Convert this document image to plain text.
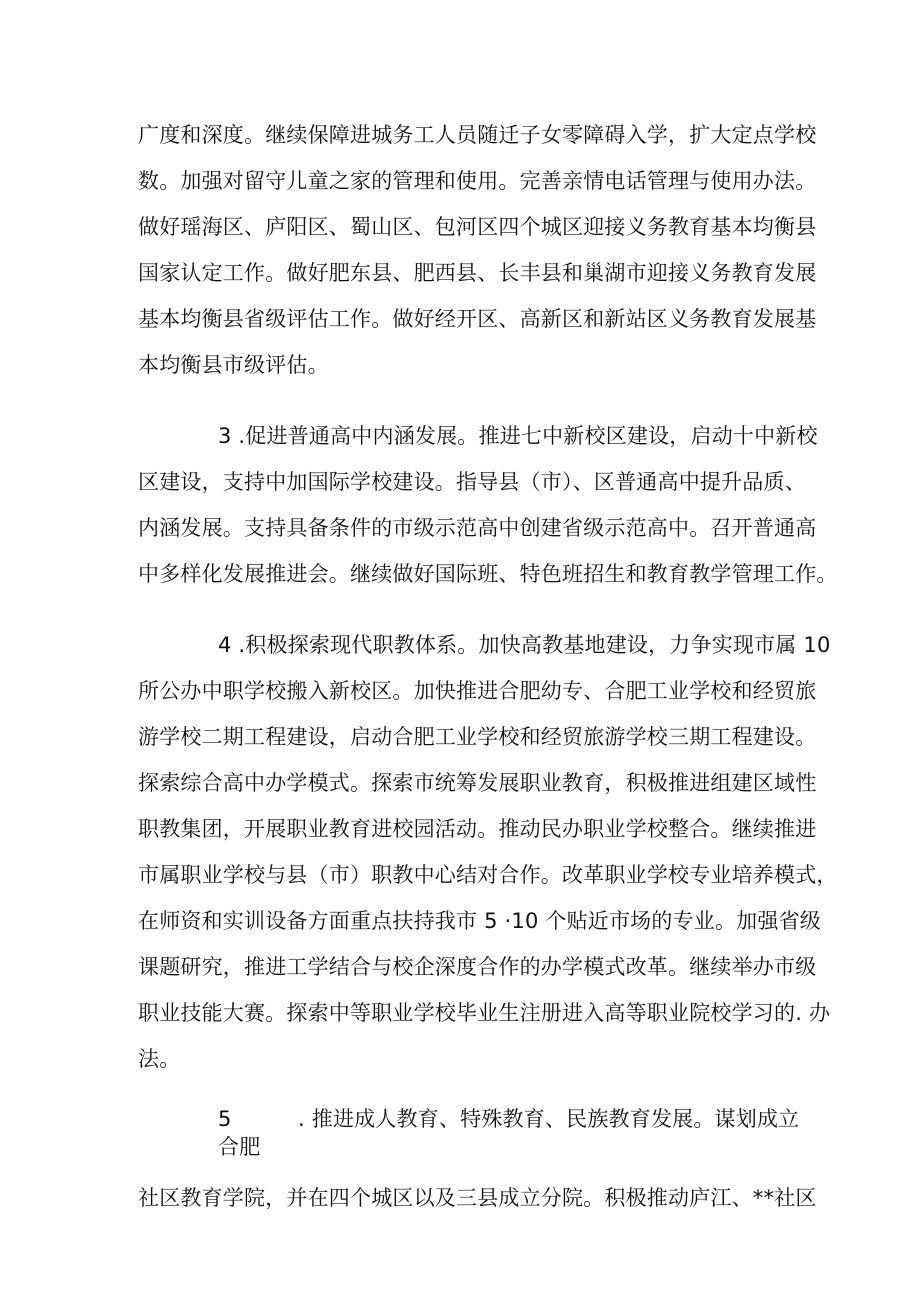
广度和深度。继续保障进城务工人员随迁子女零障碍入学，扩大定点学校
数。加强对留守儿童之家的管理和使用。完善亲情电话管理与使用办法。
做好瑶海区、庐阳区、蜀山区、包河区四个城区迎接义务教育基本均衡县
国家认定工作。做好肥东县、肥西县、长丰县和巢湖市迎接义务教育发展
基本均衡县省级评估工作。做好经开区、高新区和新站区义务教育发展基
本均衡县市级评估。
3 .促进普通高中内涵发展。推进七中新校区建设，启动十中新校
区建设，支持中加国际学校建设。指导县（市）、区普通高中提升品质、
内涵发展。支持具备条件的市级示范高中创建省级示范高中。召开普通高
中多样化发展推进会。继续做好国际班、特色班招生和教育教学管理工作。
4 .积极探索现代职教体系。加快高教基地建设，力争实现市属 10
所公办中职学校搬入新校区。加快推进合肥幼专、合肥工业学校和经贸旅
游学校二期工程建设，启动合肥工业学校和经贸旅游学校三期工程建设。
探索综合高中办学模式。探索市统筹发展职业教育，积极推进组建区域性
职教集团，开展职业教育进校园活动。推动民办职业学校整合。继续推进
市属职业学校与县（市）职教中心结对合作。改革职业学校专业培养模式，
在师资和实训设备方面重点扶持我市 5 ·10 个贴近市场的专业。加强省级
课题研究，推进工学结合与校企深度合作的办学模式改革。继续举办市级
职业技能大赛。探索中等职业学校毕业生注册进入高等职业院校学习的. 办
法。
5	. 推进成人教育、特殊教育、民族教育发展。谋划成立
合肥
社区教育学院，并在四个城区以及三县成立分院。积极推动庐江、**社区
